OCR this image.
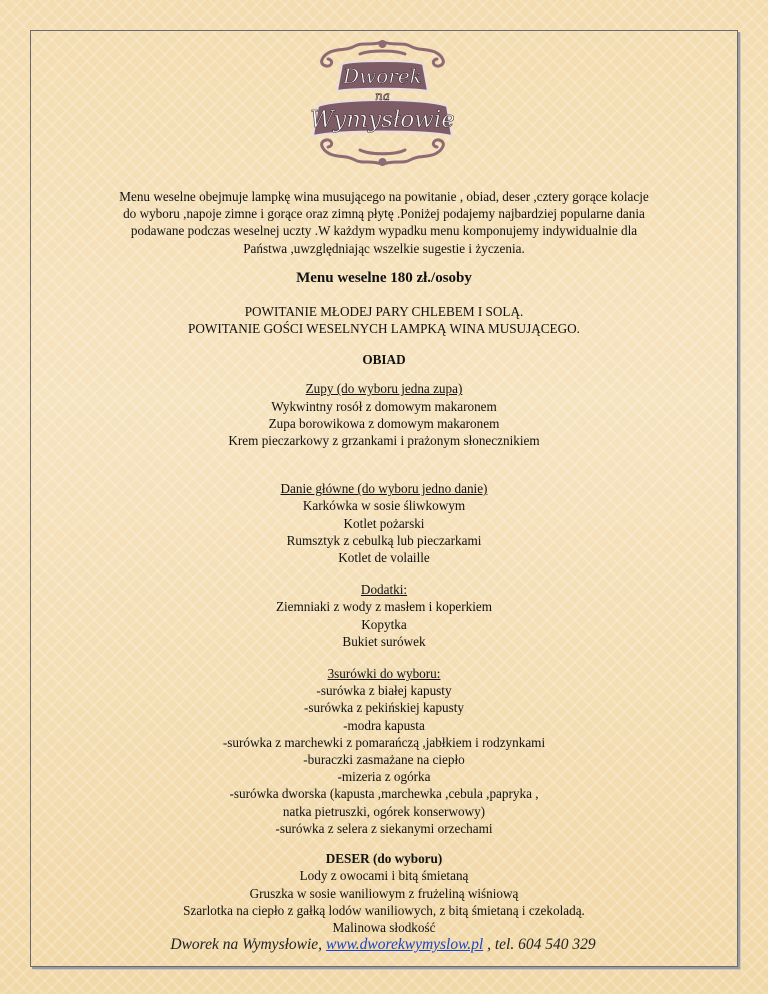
Dworek
na
Wymysłowie

Menu weselne obejmuje lampkę wina musującego na powitanie , obiad, deser ,cztery gorące kolacje
do wyboru ,napoje zimne i gorące oraz zimną płytę .Poniżej podajemy najbardziej popularne dania
podawane podczas weselnej uczty .W każdym wypadku menu komponujemy indywidualnie dla
Państwa ,uwzględniając wszelkie sugestie i życzenia.

Menu weselne 180 zł./osoby
POWITANIE MŁODEJ PARY CHLEBEM I SOLĄ.
POWITANIE GOŚCI WESELNYCH LAMPKĄ WINA MUSUJĄCEGO.
OBIAD
Zupy (do wyboru jedna zupa)
Wykwintny rosół z domowym makaronem
Zupa borowikowa z domowym makaronem
Krem pieczarkowy z grzankami i prażonym słonecznikiem
Danie główne (do wyboru jedno danie)
Karkówka w sosie śliwkowym
Kotlet pożarski
Rumsztyk z cebulką lub pieczarkami
Kotlet de volaille
Dodatki:
Ziemniaki z wody z masłem i koperkiem
Kopytka
Bukiet surówek
3surówki do wyboru:
-surówka z białej kapusty
-surówka z pekińskiej kapusty
-modra kapusta
-surówka z marchewki z pomarańczą ,jabłkiem i rodzynkami
-buraczki zasmażane na ciepło
-mizeria z ogórka
-surówka dworska (kapusta ,marchewka ,cebula ,papryka ,
natka pietruszki, ogórek konserwowy)
-surówka z selera z siekanymi orzechami
DESER (do wyboru)
Lody z owocami i bitą śmietaną
Gruszka w sosie waniliowym z frużeliną wiśniową
Szarlotka na ciepło z gałką lodów waniliowych, z bitą śmietaną i czekoladą.
Malinowa słodkość
Dworek na Wymysłowie, www.dworekwymyslow.pl , tel. 604 540 329
